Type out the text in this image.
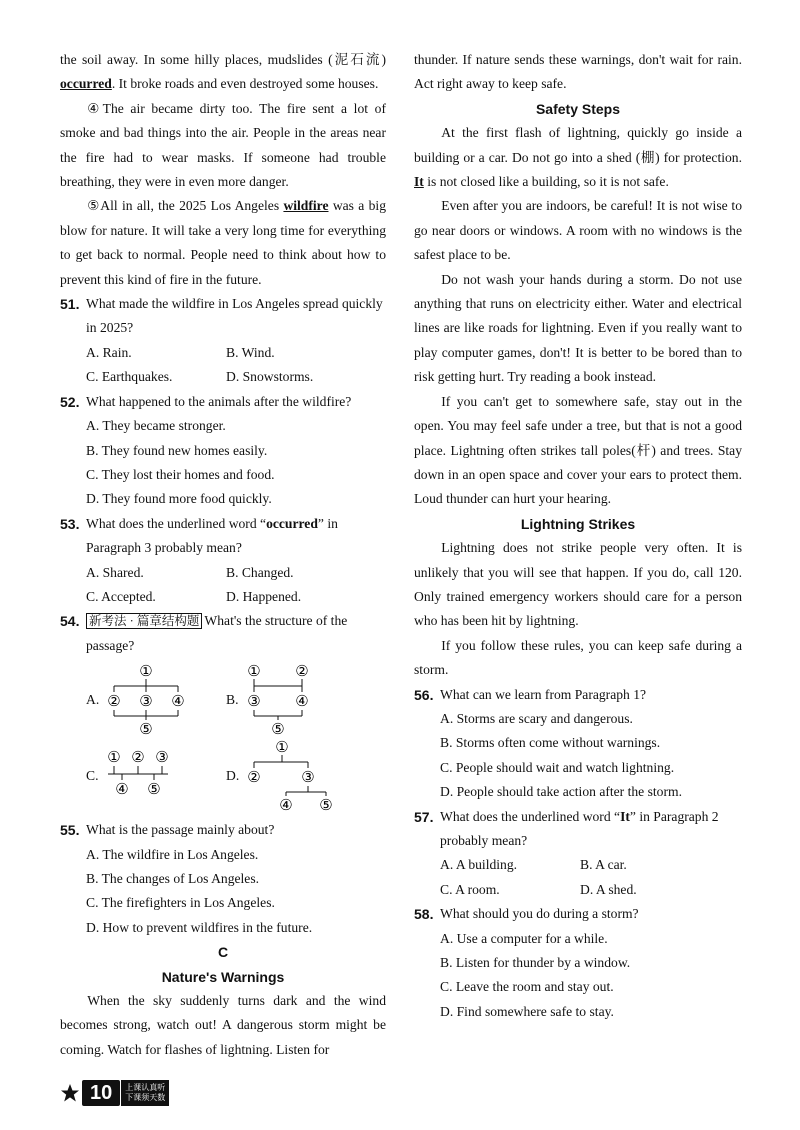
the soil away. In some hilly places, mudslides (泥石流) occurred. It broke roads and even destroyed some houses.

④The air became dirty too. The fire sent a lot of smoke and bad things into the air. People in the areas near the fire had to wear masks. If someone had trouble breathing, they were in even more danger.

⑤All in all, the 2025 Los Angeles wildfire was a big blow for nature. It will take a very long time for everything to get back to normal. People need to think about how to prevent this kind of fire in the future.

51. What made the wildfire in Los Angeles spread quickly in 2025?
A. Rain.	B. Wind.
C. Earthquakes.	D. Snowstorms.
52. What happened to the animals after the wildfire?
A. They became stronger.
B. They found new homes easily.
C. They lost their homes and food.
D. They found more food quickly.
53. What does the underlined word “occurred” in Paragraph 3 probably mean?
A. Shared.	B. Changed.
C. Accepted.	D. Happened.
54. 新考法 · 篇章结构题 What's the structure of the passage?
A.
①
② ③ ④
⑤
B.
① ②
③ ④
⑤
C.
① ② ③
④ ⑤
D.
①
②	③
④ ⑤
55. What is the passage mainly about?
A. The wildfire in Los Angeles.
B. The changes of Los Angeles.
C. The firefighters in Los Angeles.
D. How to prevent wildfires in the future.
C
Nature's Warnings

When the sky suddenly turns dark and the wind becomes strong, watch out! A dangerous storm might be coming. Watch for flashes of lightning. Listen for

thunder. If nature sends these warnings, don't wait for rain. Act right away to keep safe.

Safety Steps

At the first flash of lightning, quickly go inside a building or a car. Do not go into a shed (棚) for protection. It is not closed like a building, so it is not safe.

Even after you are indoors, be careful! It is not wise to go near doors or windows. A room with no windows is the safest place to be.

Do not wash your hands during a storm. Do not use anything that runs on electricity either. Water and electrical lines are like roads for lightning. Even if you really want to play computer games, don't! It is better to be bored than to risk getting hurt. Try reading a book instead.

If you can't get to somewhere safe, stay out in the open. You may feel safe under a tree, but that is not a good place. Lightning often strikes tall poles(杆) and trees. Stay down in an open space and cover your ears to protect them. Loud thunder can hurt your hearing.

Lightning Strikes

Lightning does not strike people very often. It is unlikely that you will see that happen. If you do, call 120. Only trained emergency workers should care for a person who has been hit by lightning.

If you follow these rules, you can keep safe during a storm.

56. What can we learn from Paragraph 1?
A. Storms are scary and dangerous.
B. Storms often come without warnings.
C. People should wait and watch lightning.
D. People should take action after the storm.
57. What does the underlined word “It” in Paragraph 2 probably mean?
A. A building.	B. A car.
C. A room.	D. A shed.
58. What should you do during a storm?
A. Use a computer for a while.
B. Listen for thunder by a window.
C. Leave the room and stay out.
D. Find somewhere safe to stay.
10	上课认真听
下课须天数
